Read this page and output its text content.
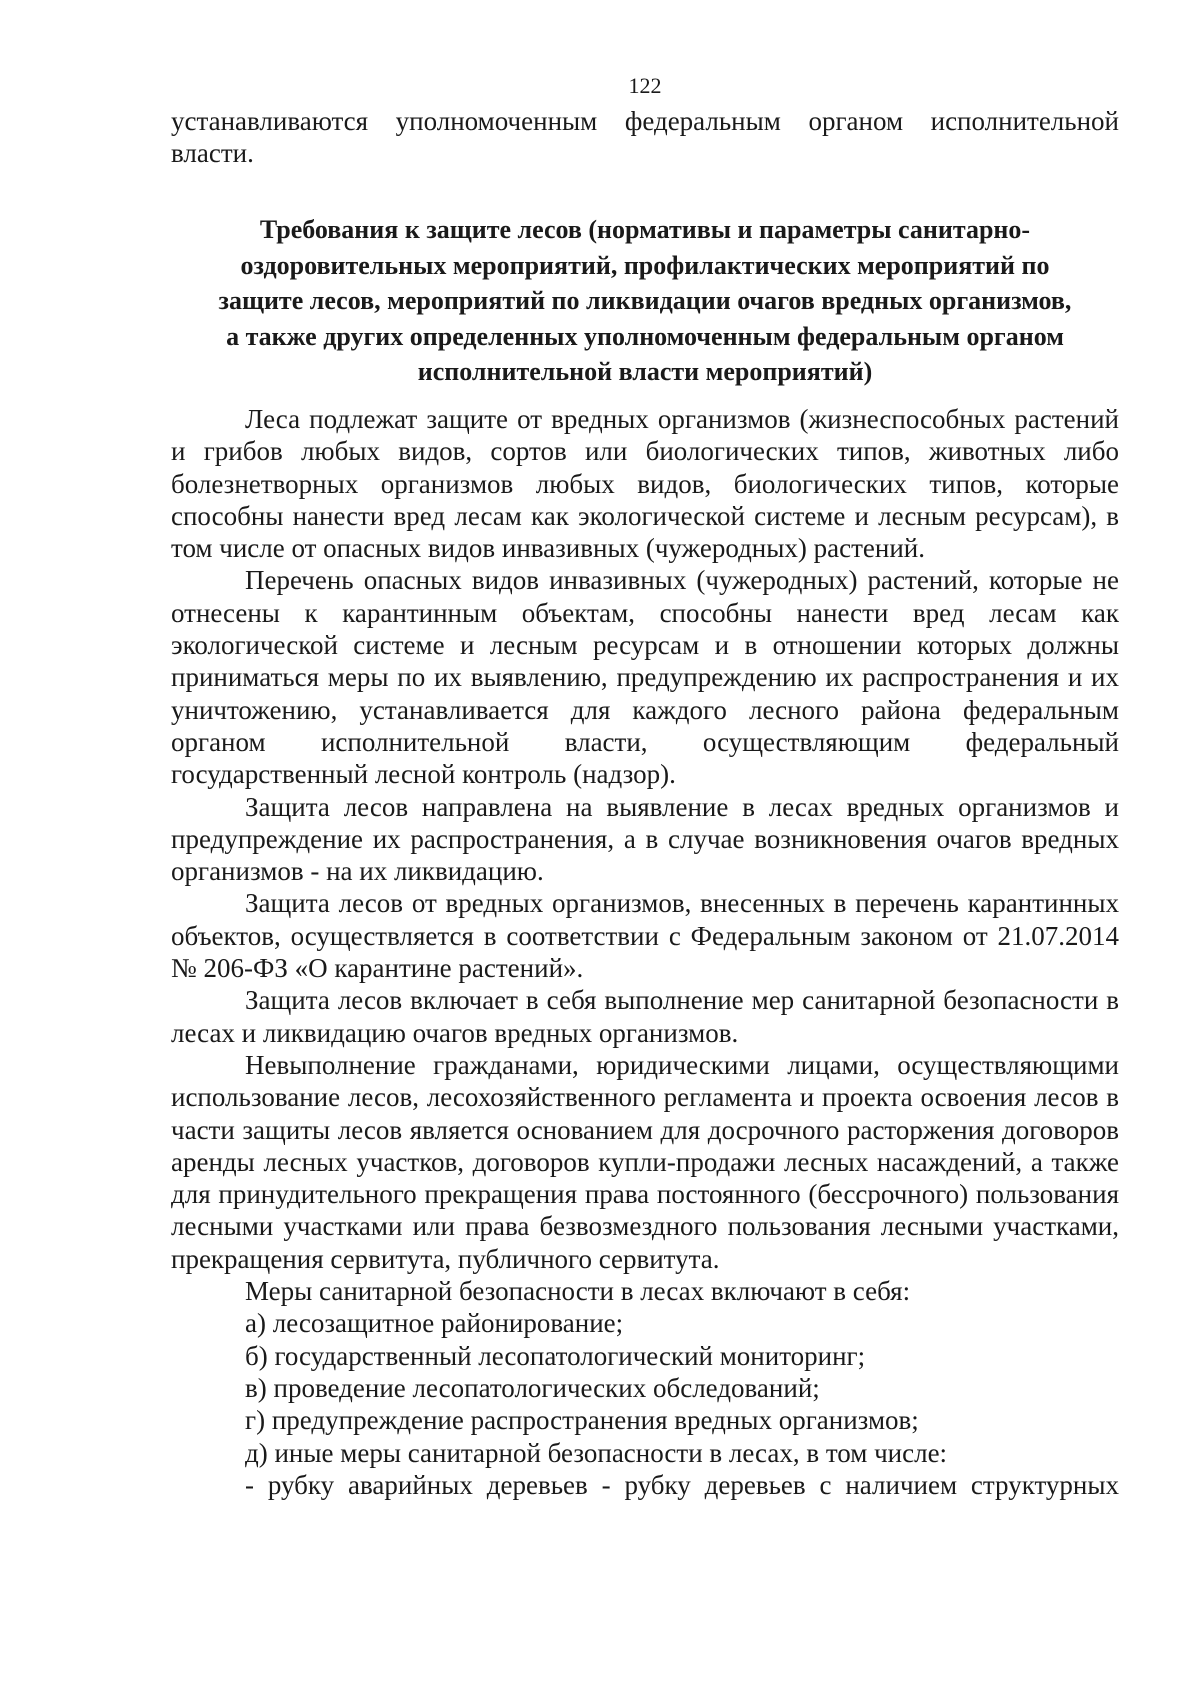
122

устанавливаются уполномоченным федеральным органом исполнительной власти.

Требования к защите лесов (нормативы и параметры санитарно-
оздоровительных мероприятий, профилактических мероприятий по
защите лесов, мероприятий по ликвидации очагов вредных организмов,
а также других определенных уполномоченным федеральным органом
исполнительной власти мероприятий)

Леса подлежат защите от вредных организмов (жизнеспособных растений и грибов любых видов, сортов или биологических типов, животных либо болезнетворных организмов любых видов, биологических типов, которые способны нанести вред лесам как экологической системе и лесным ресурсам), в том числе от опасных видов инвазивных (чужеродных) растений.

Перечень опасных видов инвазивных (чужеродных) растений, которые не отнесены к карантинным объектам, способны нанести вред лесам как экологической системе и лесным ресурсам и в отношении которых должны приниматься меры по их выявлению, предупреждению их распространения и их уничтожению, устанавливается для каждого лесного района федеральным органом исполнительной власти, осуществляющим федеральный государственный лесной контроль (надзор).

Защита лесов направлена на выявление в лесах вредных организмов и предупреждение их распространения, а в случае возникновения очагов вредных организмов - на их ликвидацию.

Защита лесов от вредных организмов, внесенных в перечень карантинных объектов, осуществляется в соответствии с Федеральным законом от 21.07.2014 № 206-ФЗ «О карантине растений».

Защита лесов включает в себя выполнение мер санитарной безопасности в лесах и ликвидацию очагов вредных организмов.

Невыполнение гражданами, юридическими лицами, осуществляющими использование лесов, лесохозяйственного регламента и проекта освоения лесов в части защиты лесов является основанием для досрочного расторжения договоров аренды лесных участков, договоров купли-продажи лесных насаждений, а также для принудительного прекращения права постоянного (бессрочного) пользования лесными участками или права безвозмездного пользования лесными участками, прекращения сервитута, публичного сервитута.

Меры санитарной безопасности в лесах включают в себя:

а) лесозащитное районирование;

б) государственный лесопатологический мониторинг;

в) проведение лесопатологических обследований;

г) предупреждение распространения вредных организмов;

д) иные меры санитарной безопасности в лесах, в том числе:

- рубку аварийных деревьев - рубку деревьев с наличием структурных
